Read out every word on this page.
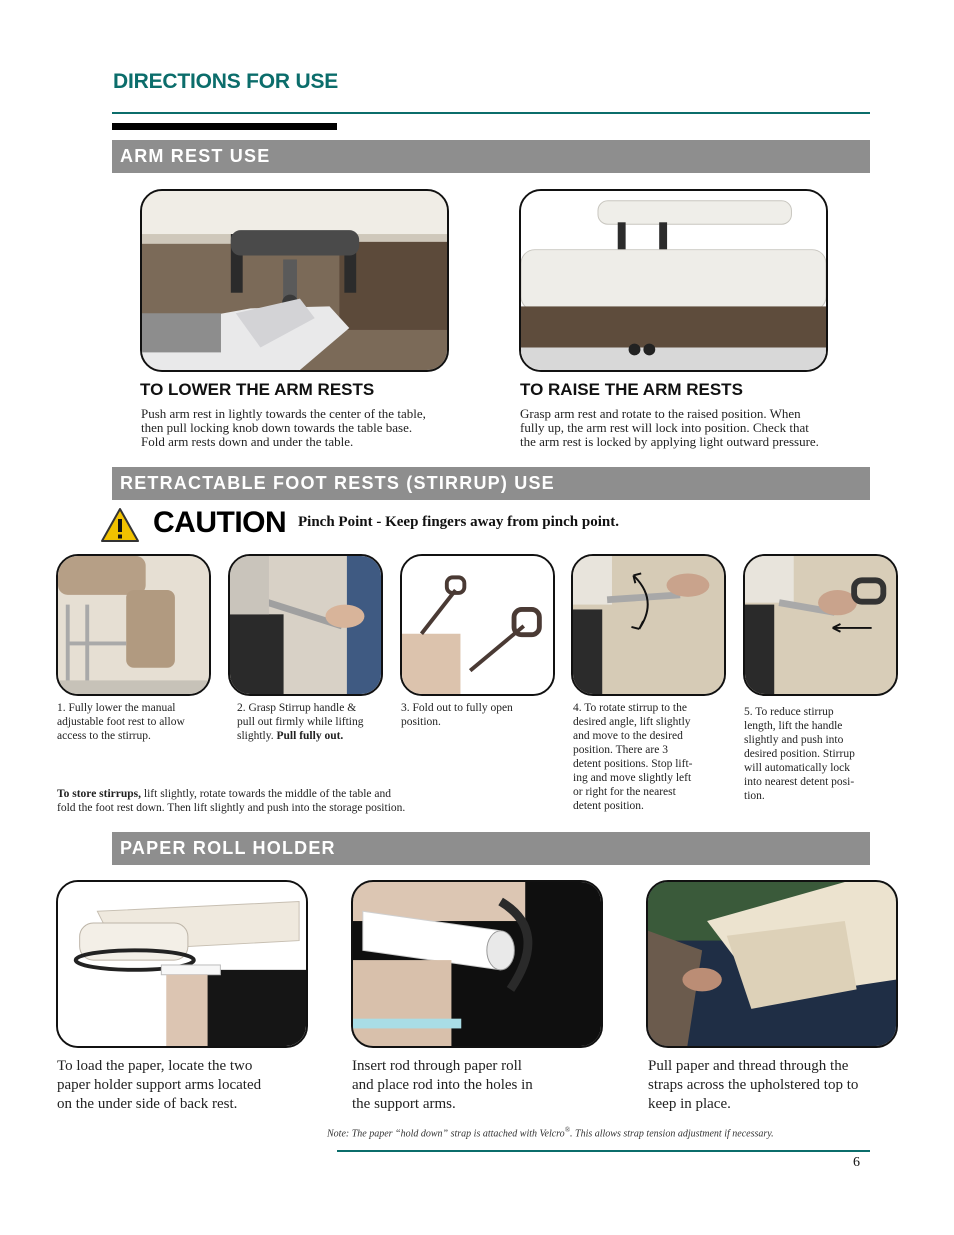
DIRECTIONS FOR USE
ARM REST USE
TO LOWER THE ARM RESTS
Push arm rest in lightly towards the center of the table,
then pull locking knob down towards the table base.
Fold arm rests down and under the table.
TO RAISE THE ARM RESTS
Grasp arm rest and rotate to the raised position. When
fully up, the arm rest will lock into position. Check that
the arm rest is locked by applying light outward pressure.
RETRACTABLE FOOT RESTS (STIRRUP) USE
CAUTION Pinch Point - Keep fingers away from pinch point.
1. Fully lower the manual
adjustable foot rest to allow
access to the stirrup.
2. Grasp Stirrup handle &
pull out firmly while lifting
slightly. Pull fully out.
3. Fold out to fully open
position.
4. To rotate stirrup to the
desired angle, lift slightly
and move to the desired
position. There are 3
detent positions. Stop lift-
ing and move slightly left
or right for the nearest
detent position.
5. To reduce stirrup
length, lift the handle
slightly and push into
desired position. Stirrup
will automatically lock
into nearest detent posi-
tion.
To store stirrups, lift slightly, rotate towards the middle of the table and
fold the foot rest down. Then lift slightly and push into the storage position.
PAPER ROLL HOLDER
To load the paper, locate the two
paper holder support arms located
on the under side of back rest.
Insert rod through paper roll
and place rod into the holes in
the support arms.
Pull paper and thread through the
straps across the upholstered top to
keep in place.
Note: The paper “hold down” strap is attached with Velcro®. This allows strap tension adjustment if necessary.
6
